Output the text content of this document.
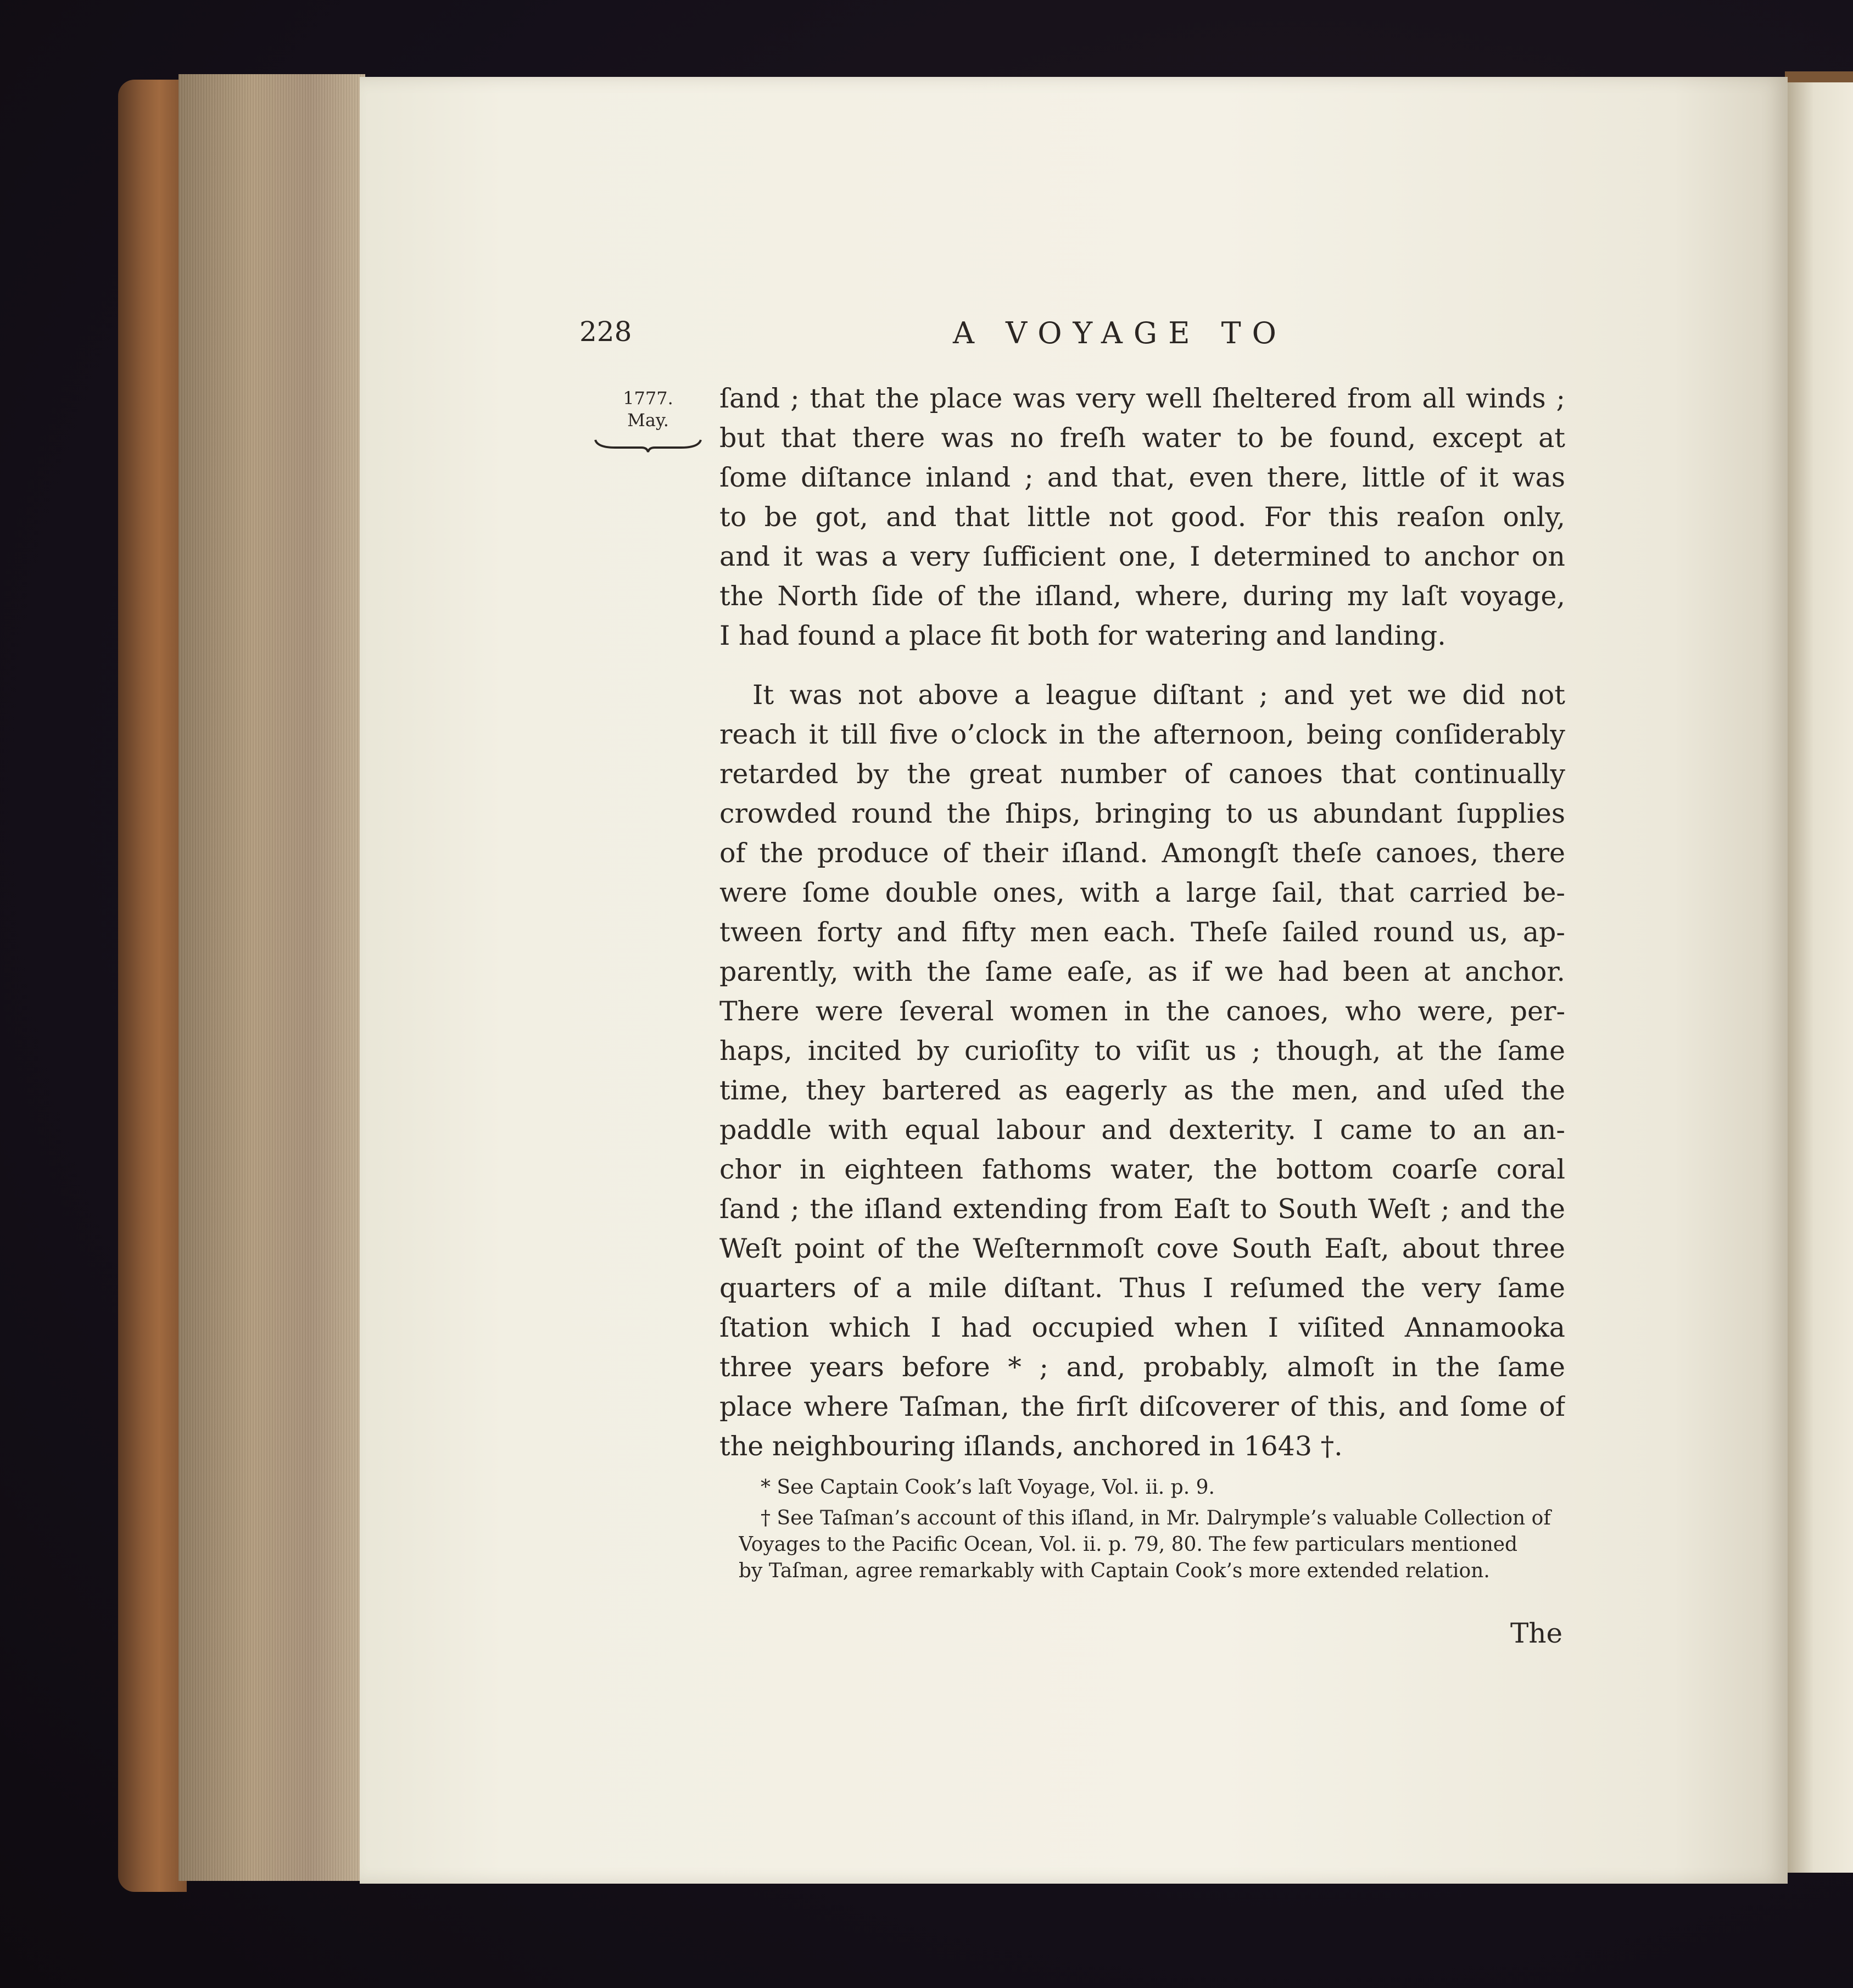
228	A VOYAGE TO
1777.
May.
ſand ; that the place was very well ſheltered from all winds ;
but that there was no freſh water to be found, except at
ſome diſtance inland ; and that, even there, little of it was
to be got, and that little not good. For this reaſon only,
and it was a very ſufficient one, I determined to anchor on
the North ſide of the iſland, where, during my laſt voyage,
I had found a place fit both for watering and landing.
It was not above a league diſtant ; and yet we did not
reach it till five o’clock in the afternoon, being conſiderably
retarded by the great number of canoes that continually
crowded round the ſhips, bringing to us abundant ſupplies
of the produce of their iſland. Amongſt theſe canoes, there
were ſome double ones, with a large ſail, that carried be-
tween forty and fifty men each. Theſe ſailed round us, ap-
parently, with the ſame eaſe, as if we had been at anchor.
There were ſeveral women in the canoes, who were, per-
haps, incited by curioſity to viſit us ; though, at the ſame
time, they bartered as eagerly as the men, and uſed the
paddle with equal labour and dexterity. I came to an an-
chor in eighteen fathoms water, the bottom coarſe coral
ſand ; the iſland extending from Eaſt to South Weſt ; and the
Weſt point of the Weſternmoſt cove South Eaſt, about three
quarters of a mile diſtant. Thus I reſumed the very ſame
ſtation which I had occupied when I viſited Annamooka
three years before * ; and, probably, almoſt in the ſame
place where Taſman, the firſt diſcoverer of this, and ſome of
the neighbouring iſlands, anchored in 1643 †.
* See Captain Cook’s laſt Voyage, Vol. ii. p. 9.
† See Taſman’s account of this iſland, in Mr. Dalrymple’s valuable Collection of
Voyages to the Pacific Ocean, Vol. ii. p. 79, 80. The few particulars mentioned
by Taſman, agree remarkably with Captain Cook’s more extended relation.
The
